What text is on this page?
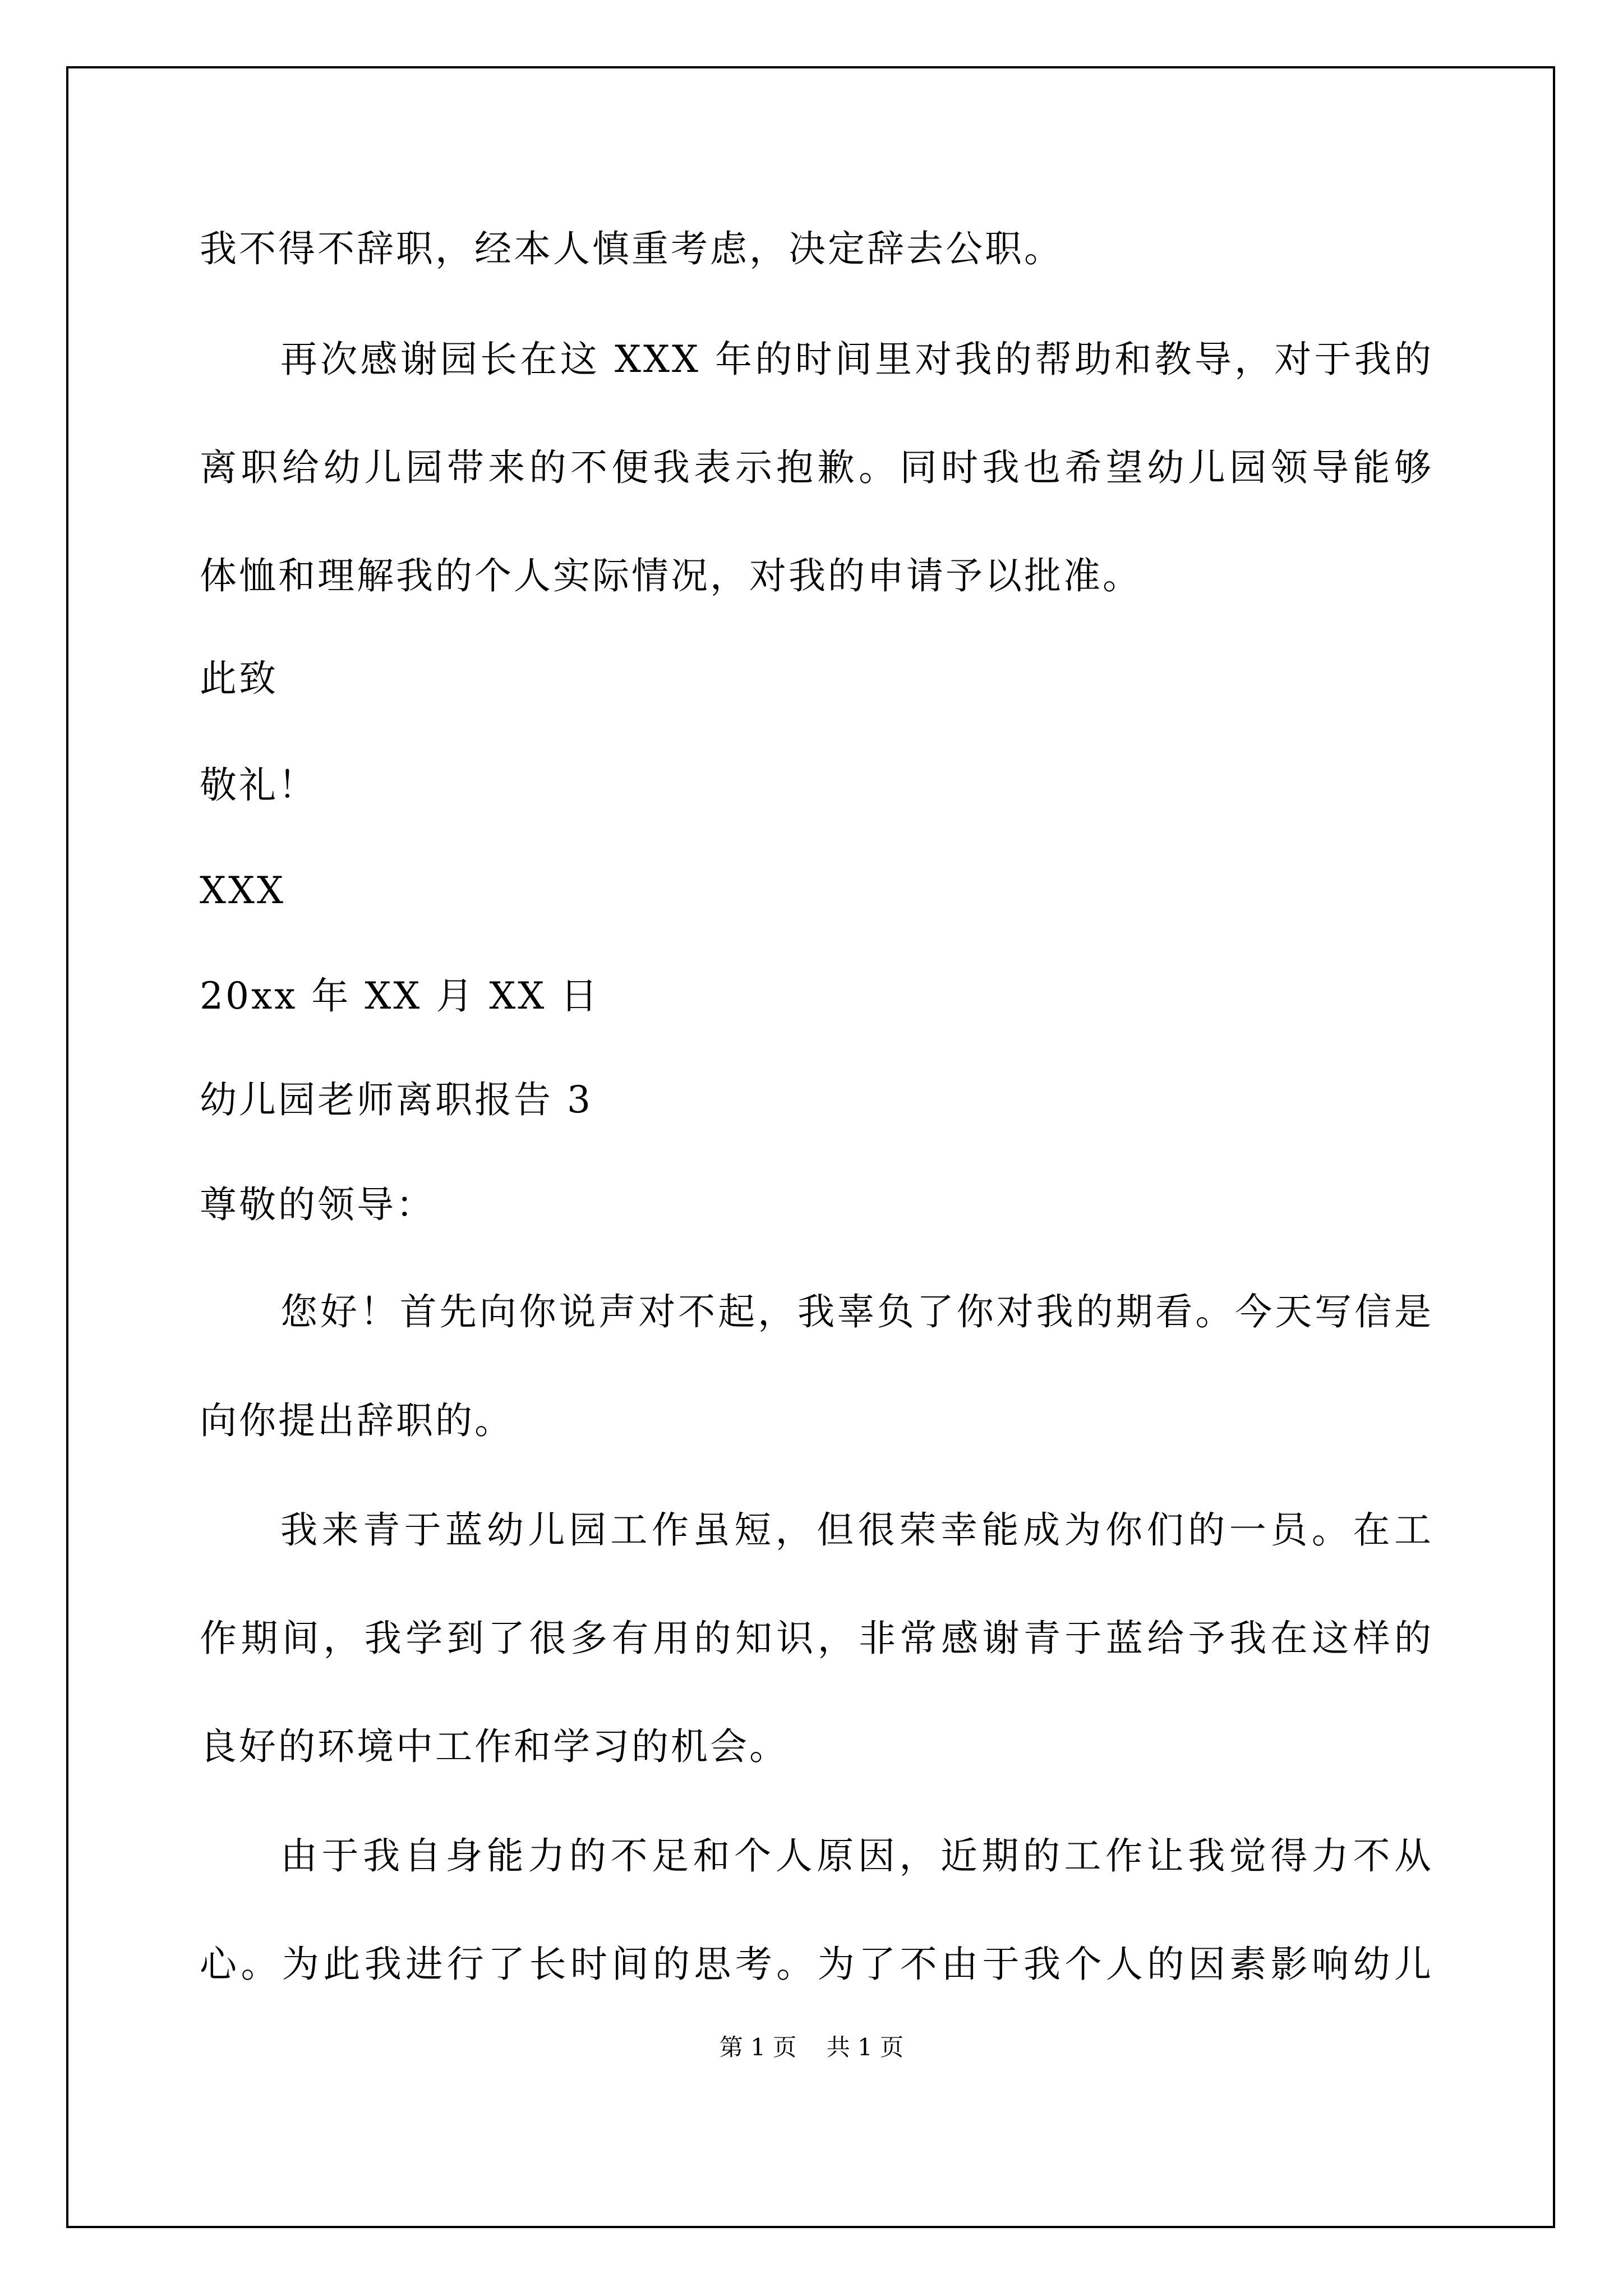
我不得不辞职，经本人慎重考虑，决定辞去公职。
再次感谢园长在这 XXX 年的时间里对我的帮助和教导，对于我的
离职给幼儿园带来的不便我表示抱歉。同时我也希望幼儿园领导能够
体恤和理解我的个人实际情况，对我的申请予以批准。
此致
敬礼！
XXX
20xx 年 XX 月 XX 日
幼儿园老师离职报告 3
尊敬的领导：
您好！首先向你说声对不起，我辜负了你对我的期看。今天写信是
向你提出辞职的。
我来青于蓝幼儿园工作虽短，但很荣幸能成为你们的一员。在工
作期间，我学到了很多有用的知识，非常感谢青于蓝给予我在这样的
良好的环境中工作和学习的机会。
由于我自身能力的不足和个人原因，近期的工作让我觉得力不从
心。为此我进行了长时间的思考。为了不由于我个人的因素影响幼儿
第 1 页    共 1 页
